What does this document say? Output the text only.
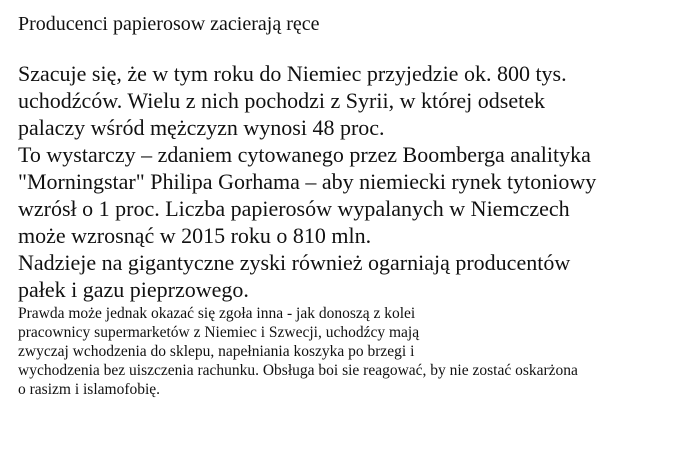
Producenci papierosow zacierają ręce
Szacuje się, że w tym roku do Niemiec przyjedzie ok. 800 tys.
uchodźców. Wielu z nich pochodzi z Syrii, w której odsetek
palaczy wśród mężczyzn wynosi 48 proc.
To wystarczy – zdaniem cytowanego przez Boomberga analityka
"Morningstar" Philipa Gorhama – aby niemiecki rynek tytoniowy
wzrósł o 1 proc. Liczba papierosów wypalanych w Niemczech
może wzrosnąć w 2015 roku o 810 mln.
Nadzieje na gigantyczne zyski również ogarniają producentów
pałek i gazu pieprzowego.
Prawda może jednak okazać się zgoła inna - jak donoszą z kolei
pracownicy supermarketów z Niemiec i Szwecji, uchodźcy mają
zwyczaj wchodzenia do sklepu, napełniania koszyka po brzegi i
wychodzenia bez uiszczenia rachunku. Obsługa boi sie reagować, by nie zostać oskarżona
o rasizm i islamofobię.
